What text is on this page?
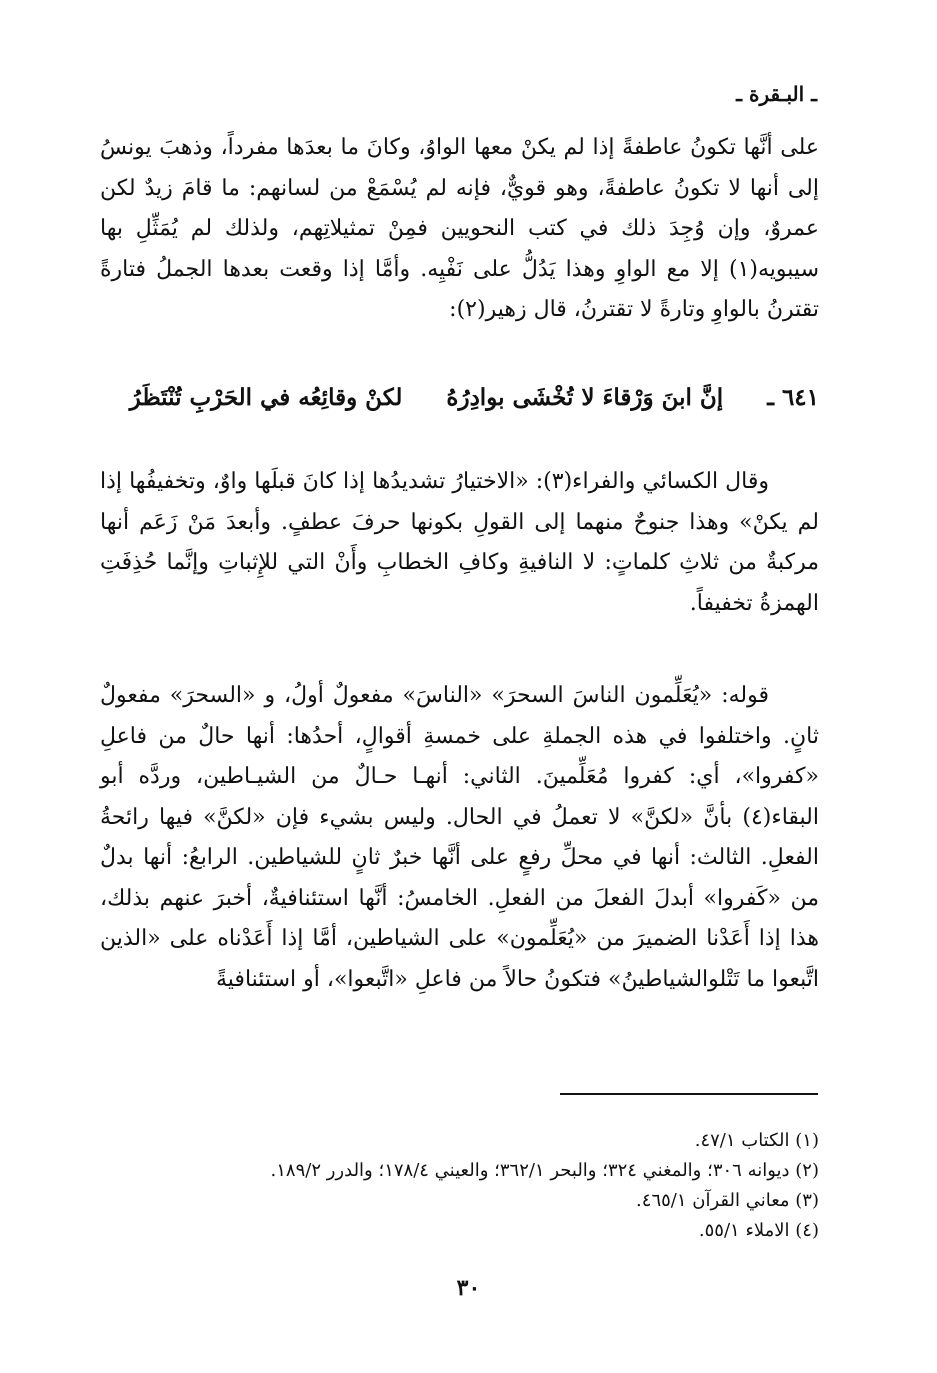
ـ البـقرة ـ
على أنَّها تكونُ عاطفةً إذا لم يكنْ معها الواوُ، وكانَ ما بعدَها مفرداً، وذهبَ يونسُ إلى أنها لا تكونُ عاطفةً، وهو قويٌّ، فإنه لم يُسْمَعْ من لسانهم: ما قامَ زيدٌ لكن عمروٌ، وإن وُجِدَ ذلك في كتب النحويين فمِنْ تمثيلاتِهم، ولذلك لم يُمَثِّلِ بها سيبويه(١) إلا مع الواوِ وهذا يَدُلُّ على نَفْيِه. وأمَّا إذا وقعت بعدها الجملُ فتارةً تقترنُ بالواوِ وتارةً لا تقترنُ، قال زهير(٢):
٦٤١ ـ
إنَّ ابنَ وَرْقاءَ لا تُخْشَى بوادِرُهُ
لكنْ وقائِعُه في الحَرْبِ تُنْتَظَرُ
وقال الكسائي والفراء(٣): «الاختيارُ تشديدُها إذا كانَ قبلَها واوٌ، وتخفيفُها إذا لم يكنْ» وهذا جنوحٌ منهما إلى القولِ بكونها حرفَ عطفٍ. وأبعدَ مَنْ زَعَم أنها مركبةٌ من ثلاثِ كلماتٍ: لا النافيةِ وكافِ الخطابِ وأَنْ التي للإِثباتِ وإنَّما حُذِفَتِ الهمزةُ تخفيفاً.
قوله: «يُعَلِّمون الناسَ السحرَ» «الناسَ» مفعولٌ أولُ، و «السحرَ» مفعولٌ ثانٍ. واختلفوا في هذه الجملةِ على خمسةِ أقوالٍ، أحدُها: أنها حالٌ من فاعلِ «كفروا»، أي: كفروا مُعَلِّمينَ. الثاني: أنهـا حـالٌ من الشيـاطين، وردَّه أبو البقاء(٤) بأنَّ «لكنَّ» لا تعملُ في الحال. وليس بشيء فإن «لكنَّ» فيها رائحةُ الفعلِ. الثالث: أنها في محلِّ رفعٍ على أنَّها خبرٌ ثانٍ للشياطين. الرابعُ: أنها بدلٌ من «كَفروا» أبدلَ الفعلَ من الفعلِ. الخامسُ: أنَّها استئنافيةٌ، أخبرَ عنهم بذلك، هذا إذا أَعَدْنا الضميرَ من «يُعَلِّمون» على الشياطين، أمَّا إذا أَعَدْناه على «الذين اتَّبعوا ما تَتْلوالشياطينُ» فتكونُ حالاً من فاعلِ «اتَّبعوا»، أو استئنافيةً
(١) الكتاب ٤٧/١.
(٢) ديوانه ٣٠٦؛ والمغني ٣٢٤؛ والبحر ٣٦٢/١؛ والعيني ١٧٨/٤؛ والدرر ١٨٩/٢.
(٣) معاني القرآن ٤٦٥/١.
(٤) الاملاء ٥٥/١.
٣٠
